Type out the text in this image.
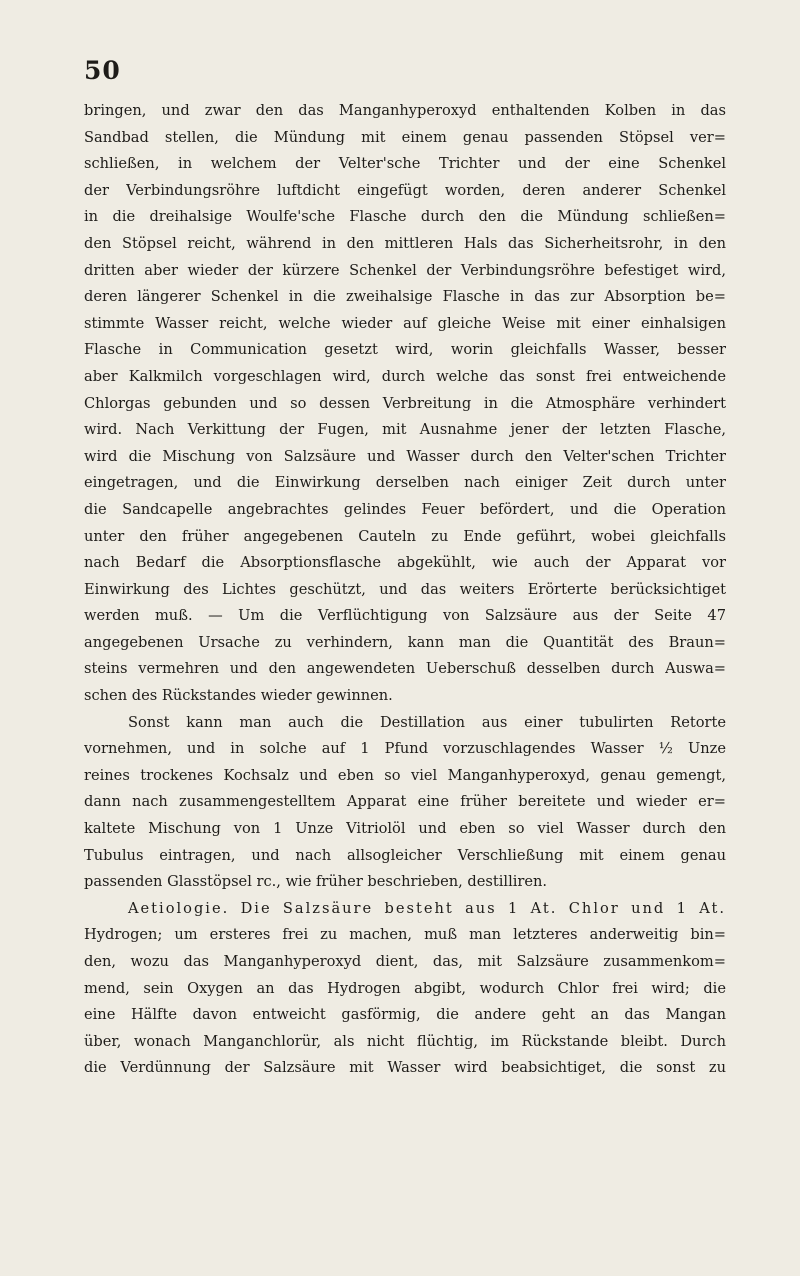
50
bringen, und zwar den das Manganhyperoxyd enthaltenden Kolben in das
Sandbad stellen, die Mündung mit einem genau passenden Stöpsel ver=
schließen, in welchem der Velter'sche Trichter und der eine Schenkel
der Verbindungsröhre luftdicht eingefügt worden, deren anderer Schenkel
in die dreihalsige Woulfe'sche Flasche durch den die Mündung schließen=
den Stöpsel reicht, während in den mittleren Hals das Sicherheitsrohr, in den
dritten aber wieder der kürzere Schenkel der Verbindungsröhre befestiget wird,
deren längerer Schenkel in die zweihalsige Flasche in das zur Absorption be=
stimmte Wasser reicht, welche wieder auf gleiche Weise mit einer einhalsigen
Flasche in Communication gesetzt wird, worin gleichfalls Wasser, besser
aber Kalkmilch vorgeschlagen wird, durch welche das sonst frei entweichende
Chlorgas gebunden und so dessen Verbreitung in die Atmosphäre verhindert
wird. Nach Verkittung der Fugen, mit Ausnahme jener der letzten Flasche,
wird die Mischung von Salzsäure und Wasser durch den Velter'schen Trichter
eingetragen, und die Einwirkung derselben nach einiger Zeit durch unter
die Sandcapelle angebrachtes gelindes Feuer befördert, und die Operation
unter den früher angegebenen Cauteln zu Ende geführt, wobei gleichfalls
nach Bedarf die Absorptionsflasche abgekühlt, wie auch der Apparat vor
Einwirkung des Lichtes geschützt, und das weiters Erörterte berücksichtiget
werden muß. — Um die Verflüchtigung von Salzsäure aus der Seite 47
angegebenen Ursache zu verhindern, kann man die Quantität des Braun=
steins vermehren und den angewendeten Ueberschuß desselben durch Auswa=
schen des Rückstandes wieder gewinnen.
Sonst kann man auch die Destillation aus einer tubulirten Retorte
vornehmen, und in solche auf 1 Pfund vorzuschlagendes Wasser ½ Unze
reines trockenes Kochsalz und eben so viel Manganhyperoxyd, genau gemengt,
dann nach zusammengestelltem Apparat eine früher bereitete und wieder er=
kaltete Mischung von 1 Unze Vitriolöl und eben so viel Wasser durch den
Tubulus eintragen, und nach allsogleicher Verschließung mit einem genau
passenden Glasstöpsel rc., wie früher beschrieben, destilliren.
Aetiologie. Die Salzsäure besteht aus 1 At. Chlor und 1 At.
Hydrogen; um ersteres frei zu machen, muß man letzteres anderweitig bin=
den, wozu das Manganhyperoxyd dient, das, mit Salzsäure zusammenkom=
mend, sein Oxygen an das Hydrogen abgibt, wodurch Chlor frei wird; die
eine Hälfte davon entweicht gasförmig, die andere geht an das Mangan
über, wonach Manganchlorür, als nicht flüchtig, im Rückstande bleibt. Durch
die Verdünnung der Salzsäure mit Wasser wird beabsichtiget, die sonst zu
